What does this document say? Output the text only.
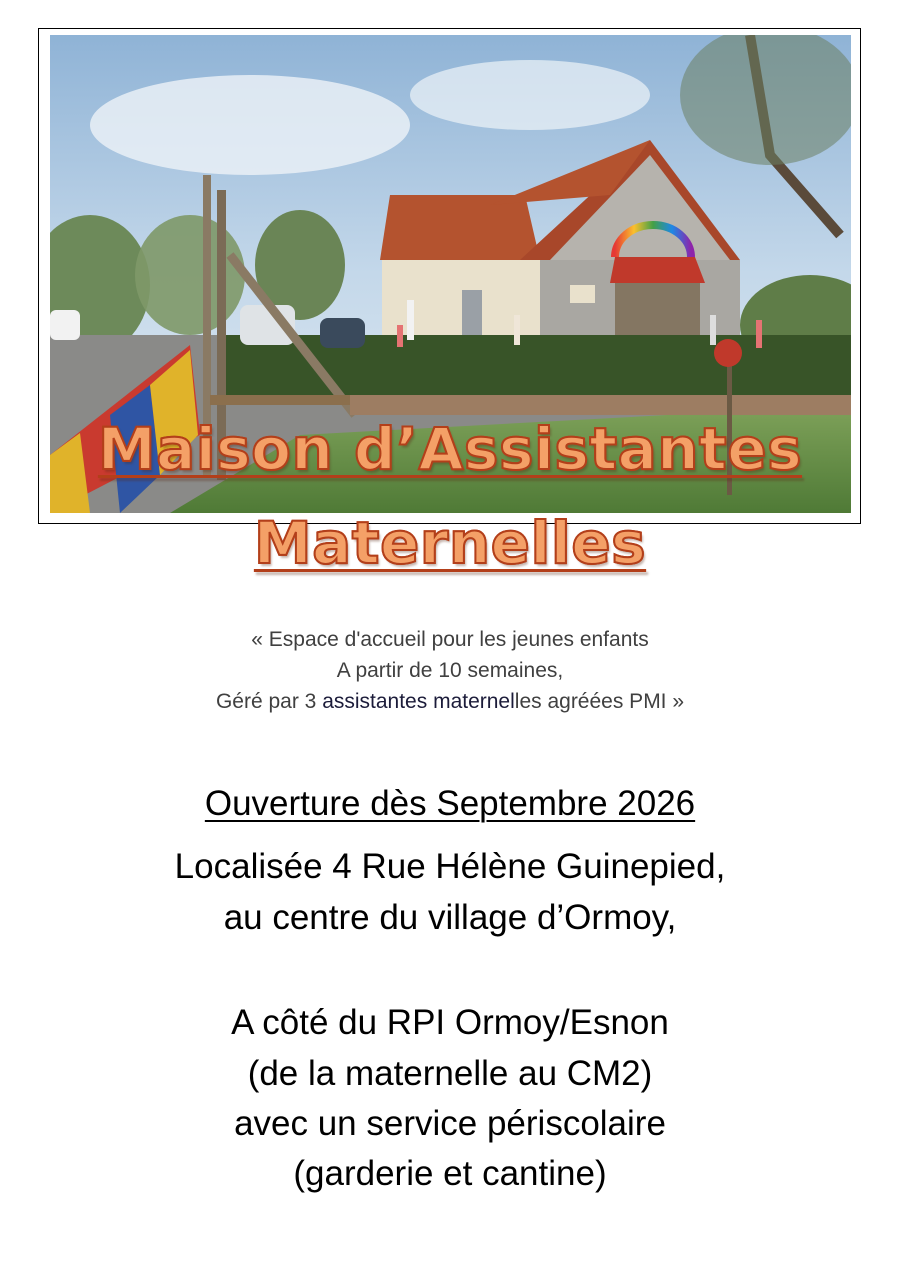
Maison d’Assistantes
Maternelles
« Espace d'accueil pour les jeunes enfants
A partir de 10 semaines,
Géré par 3 assistantes maternelles agréées PMI »
Ouverture dès Septembre 2026
Localisée 4 Rue Hélène Guinepied,
au centre du village d’Ormoy,
A côté du RPI Ormoy/Esnon
(de la maternelle au CM2)
avec un service périscolaire
(garderie et cantine)
